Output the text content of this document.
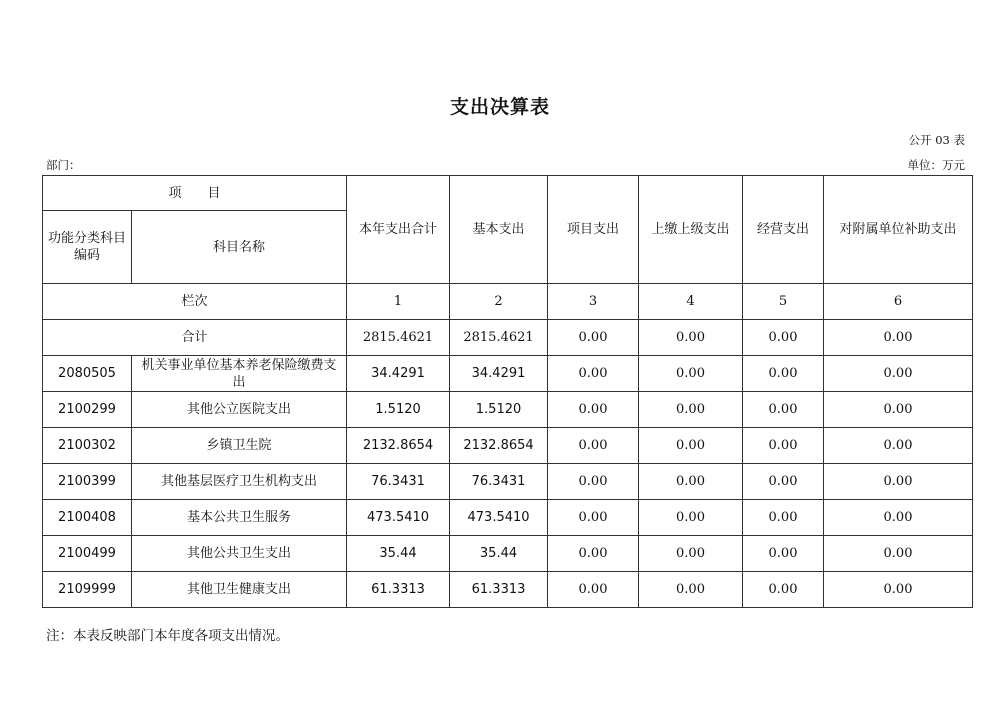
支出决算表
公开 03 表
部门：	单位：万元
项　　目		本年支出合计	基本支出	项目支出	上缴上级支出	经营支出	对附属单位补助支出
功能分类科目编码	科目名称						
栏次		1	2	3	4	5	6
合计		2815.4621	2815.4621	0.00	0.00	0.00	0.00
2080505	机关事业单位基本养老保险缴费支出	34.4291	34.4291	0.00	0.00	0.00	0.00
2100299	其他公立医院支出	1.5120	1.5120	0.00	0.00	0.00	0.00
2100302	乡镇卫生院	2132.8654	2132.8654	0.00	0.00	0.00	0.00
2100399	其他基层医疗卫生机构支出	76.3431	76.3431	0.00	0.00	0.00	0.00
2100408	基本公共卫生服务	473.5410	473.5410	0.00	0.00	0.00	0.00
2100499	其他公共卫生支出	35.44	35.44	0.00	0.00	0.00	0.00
2109999	其他卫生健康支出	61.3313	61.3313	0.00	0.00	0.00	0.00
注：本表反映部门本年度各项支出情况。
